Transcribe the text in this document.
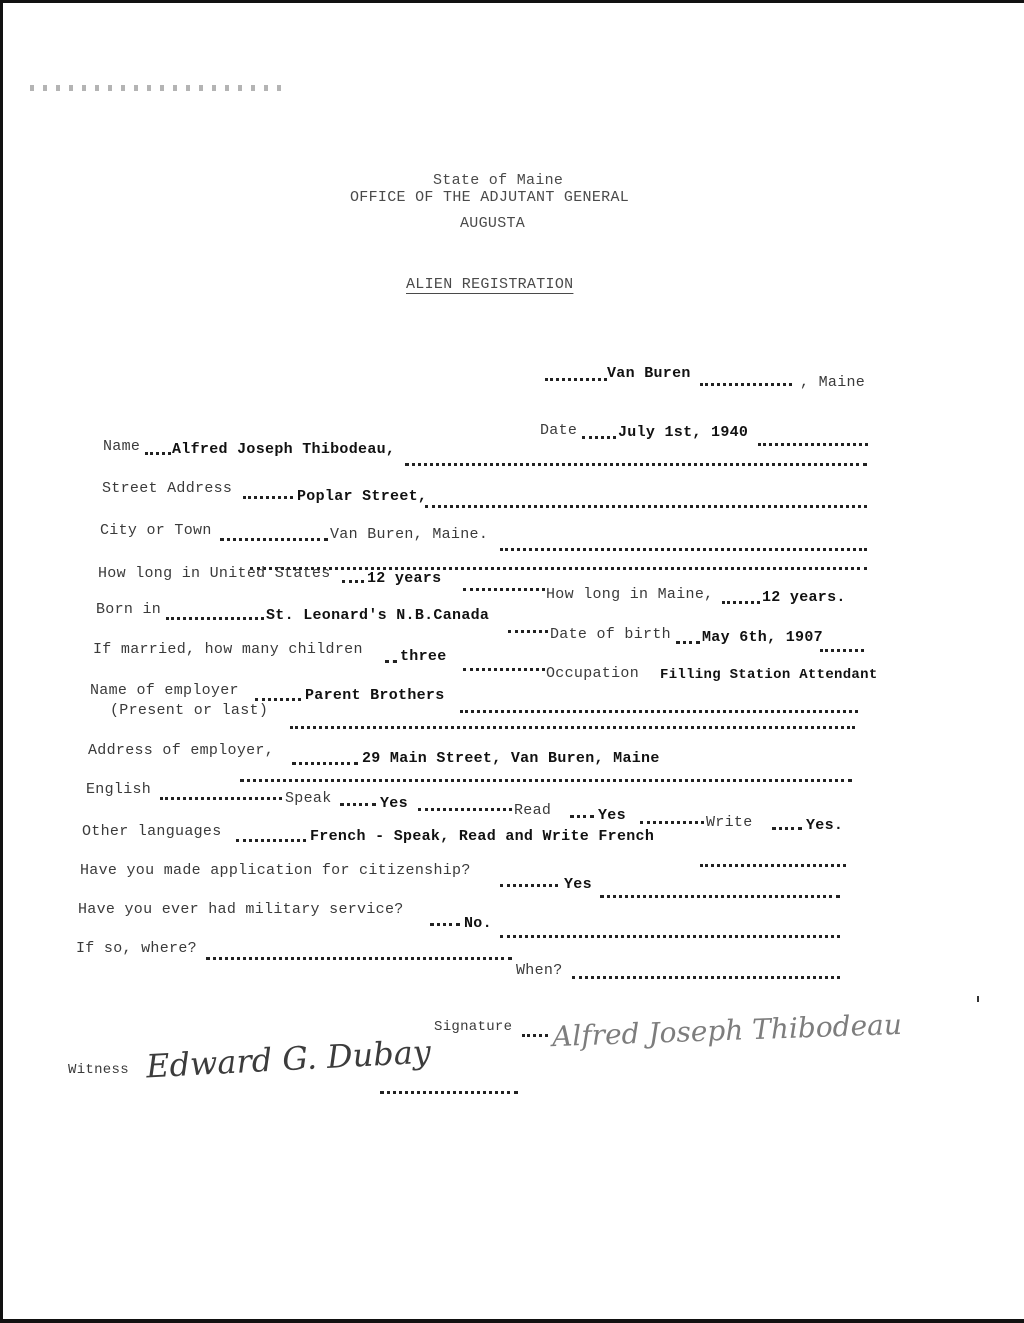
State of Maine
OFFICE OF THE ADJUTANT GENERAL
AUGUSTA
ALIEN REGISTRATION
Van Buren
, Maine
Date	July 1st, 1940
Name Alfred Joseph Thibodeau,
Street Address	Poplar Street,
City or Town	Van Buren, Maine.
How long in United States 12 years
How long in Maine,	12 years.
Born in	St. Leonard's N.B.Canada
Date of birth May 6th, 1907
If married, how many children three
Occupation Filling Station Attendant
Name of employer
(Present or last)
Parent Brothers
Address of employer,	29 Main Street, Van Buren, Maine
English
Speak	Yes	Read	Yes	Write	Yes.
Other languages	French - Speak, Read and Write French
Have you made application for citizenship?
Yes
Have you ever had military service?
No.
If so, where?
When?
Signature Alfred Joseph Thibodeau
Witness Edward G. Dubay
